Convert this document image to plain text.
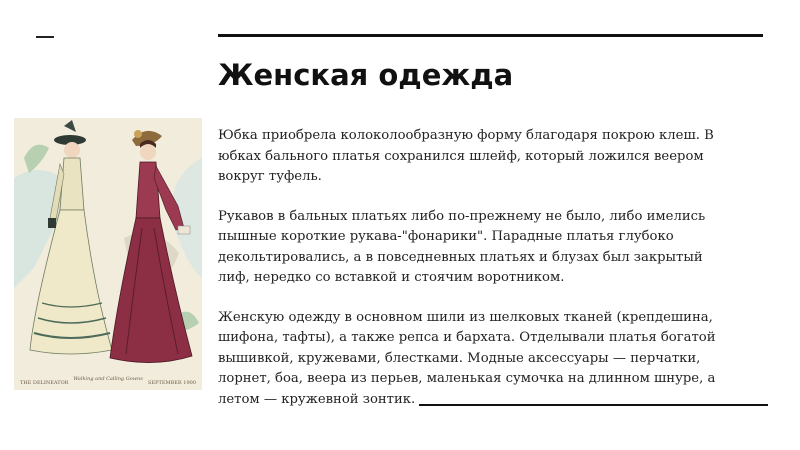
Женская одежда
THE DELINEATOR
Walking and Calling Gowns
SEPTEMBER 1900

Юбка приобрела колоколообразную форму благодаря покрою клеш. В
юбках бального платья сохранился шлейф, который ложился веером
вокруг туфель.

Рукавов в бальных платьях либо по-прежнему не было, либо имелись
пышные короткие рукава-"фонарики". Парадные платья глубоко
декольтировались, а в повседневных платьях и блузах был закрытый
лиф, нередко со вставкой и стоячим воротником.

Женскую одежду в основном шили из шелковых тканей (крепдешина,
шифона, тафты), а также репса и бархата. Отделывали платья богатой
вышивкой, кружевами, блестками. Модные аксессуары — перчатки,
лорнет, боа, веера из перьев, маленькая сумочка на длинном шнуре, а
летом — кружевной зонтик.
